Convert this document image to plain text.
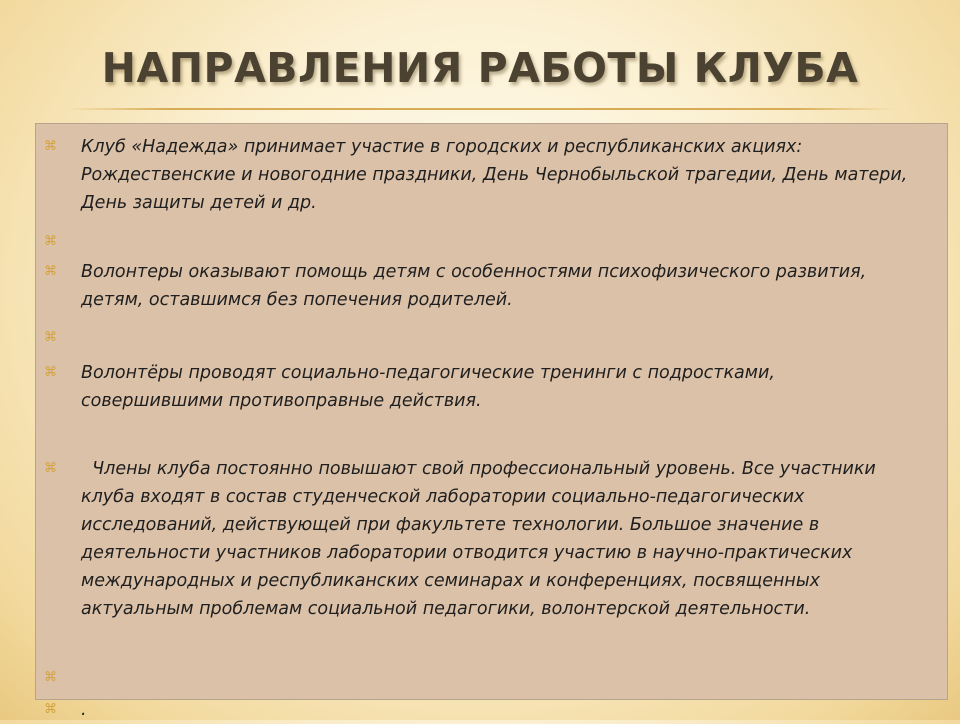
НАПРАВЛЕНИЯ РАБОТЫ КЛУБА
⌘ Клуб «Надежда» принимает участие в городских и республиканских акциях: Рождественские и новогодние праздники, День Чернобыльской трагедии, День матери,  День защиты детей и др.
⌘
⌘ Волонтеры оказывают помощь детям с особенностями психофизического развития, детям, оставшимся без попечения родителей.
⌘
⌘ Волонтёры проводят социально-педагогические тренинги с подростками, совершившими противоправные действия.
⌘ Члены клуба постоянно повышают свой профессиональный уровень. Все участники клуба входят в состав студенческой лаборатории социально-педагогических исследований, действующей при факультете технологии. Большое значение в деятельности участников лаборатории отводится участию в научно-практических международных и республиканских семинарах и конференциях, посвященных актуальным проблемам социальной педагогики, волонтерской деятельности.
⌘
⌘ .
